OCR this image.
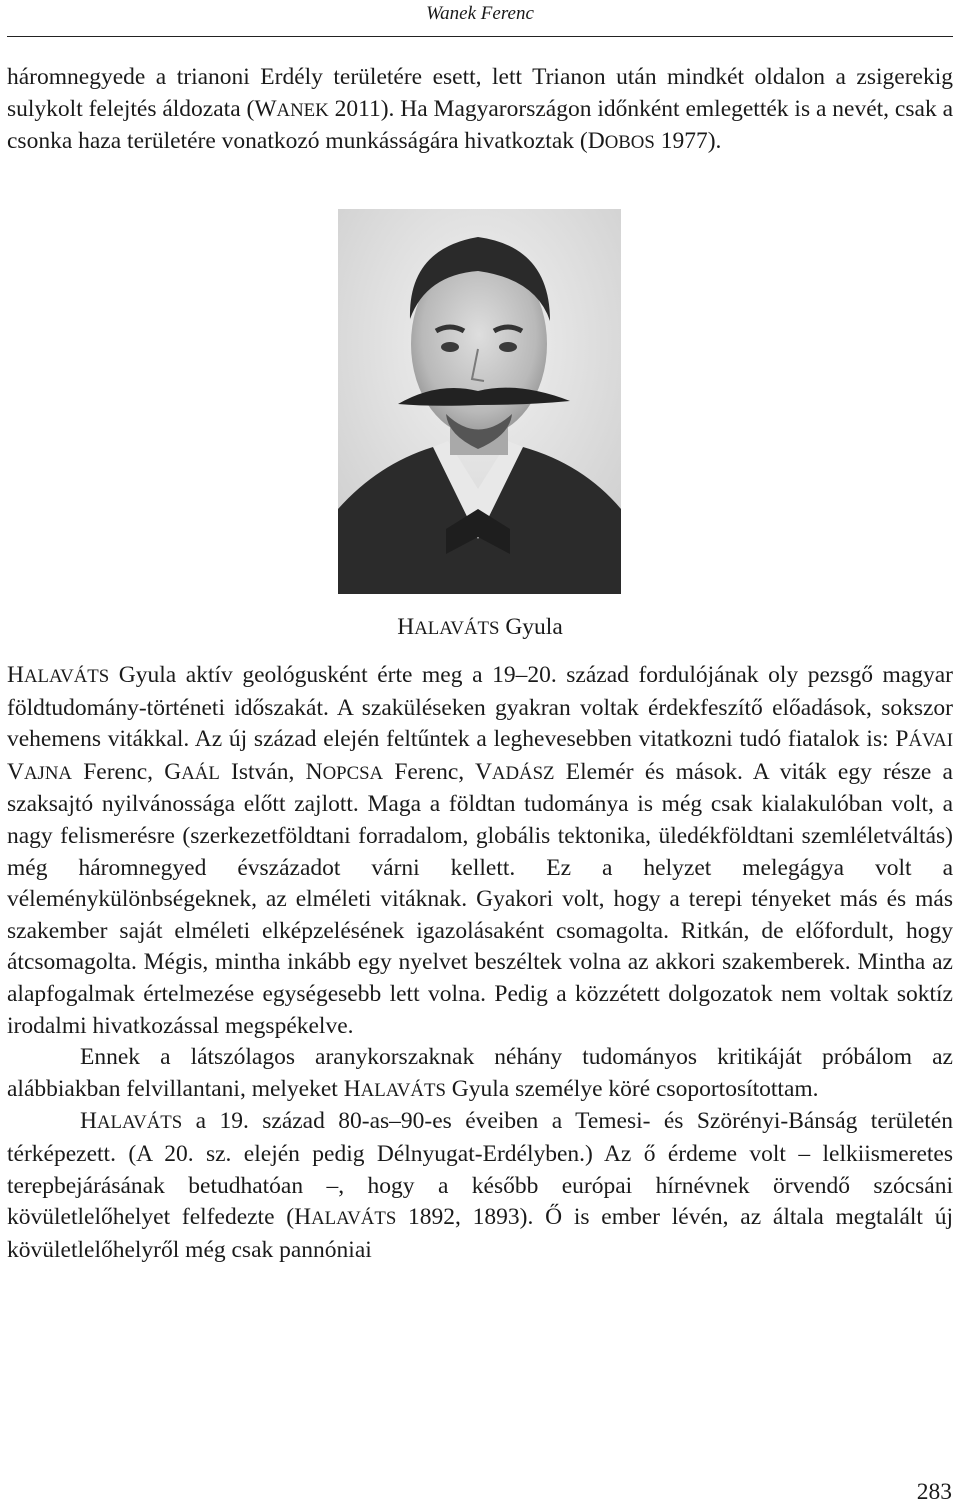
Wanek Ferenc

háromnegyede a trianoni Erdély területére esett, lett Trianon után mindkét oldalon a zsigerekig sulykolt felejtés áldozata (WANEK 2011). Ha Magyarországon időnként emlegették is a nevét, csak a csonka haza területére vonatkozó munkásságára hivatkoztak (DOBOS 1977).

HALAVÁTS Gyula

HALAVÁTS Gyula aktív geológusként érte meg a 19–20. század fordulójának oly pezsgő magyar földtudomány-történeti időszakát. A szaküléseken gyakran voltak érdekfeszítő előadások, sokszor vehemens vitákkal. Az új század elején feltűntek a leghevesebben vitatkozni tudó fiatalok is: PÁVAI VAJNA Ferenc, GAÁL István, NOPCSA Ferenc, VADÁSZ Elemér és mások. A viták egy része a szaksajtó nyilvánossága előtt zajlott. Maga a földtan tudománya is még csak kialakulóban volt, a nagy felismerésre (szerkezetföldtani forradalom, globális tektonika, üledékföldtani szemléletváltás) még háromnegyed évszázadot várni kellett. Ez a helyzet melegágya volt a véleménykülönbségeknek, az elméleti vitáknak. Gyakori volt, hogy a terepi tényeket más és más szakember saját elméleti elképzelésének igazolásaként csomagolta. Ritkán, de előfordult, hogy átcsomagolta. Mégis, mintha inkább egy nyelvet beszéltek volna az akkori szakemberek. Mintha az alapfogalmak értelmezése egységesebb lett volna. Pedig a közzétett dolgozatok nem voltak soktíz irodalmi hivatkozással megspékelve.

Ennek a látszólagos aranykorszaknak néhány tudományos kritikáját próbálom az alábbiakban felvillantani, melyeket HALAVÁTS Gyula személye köré csoportosítottam.

HALAVÁTS a 19. század 80-as–90-es éveiben a Temesi- és Szörényi-Bánság területén térképezett. (A 20. sz. elején pedig Délnyugat-Erdélyben.) Az ő érdeme volt – lelkiismeretes terepbejárásának betudhatóan –, hogy a később európai hírnévnek örvendő szócsáni kövületlelőhelyet felfedezte (HALAVÁTS 1892, 1893). Ő is ember lévén, az általa megtalált új kövületlelőhelyről még csak pannóniai

283
